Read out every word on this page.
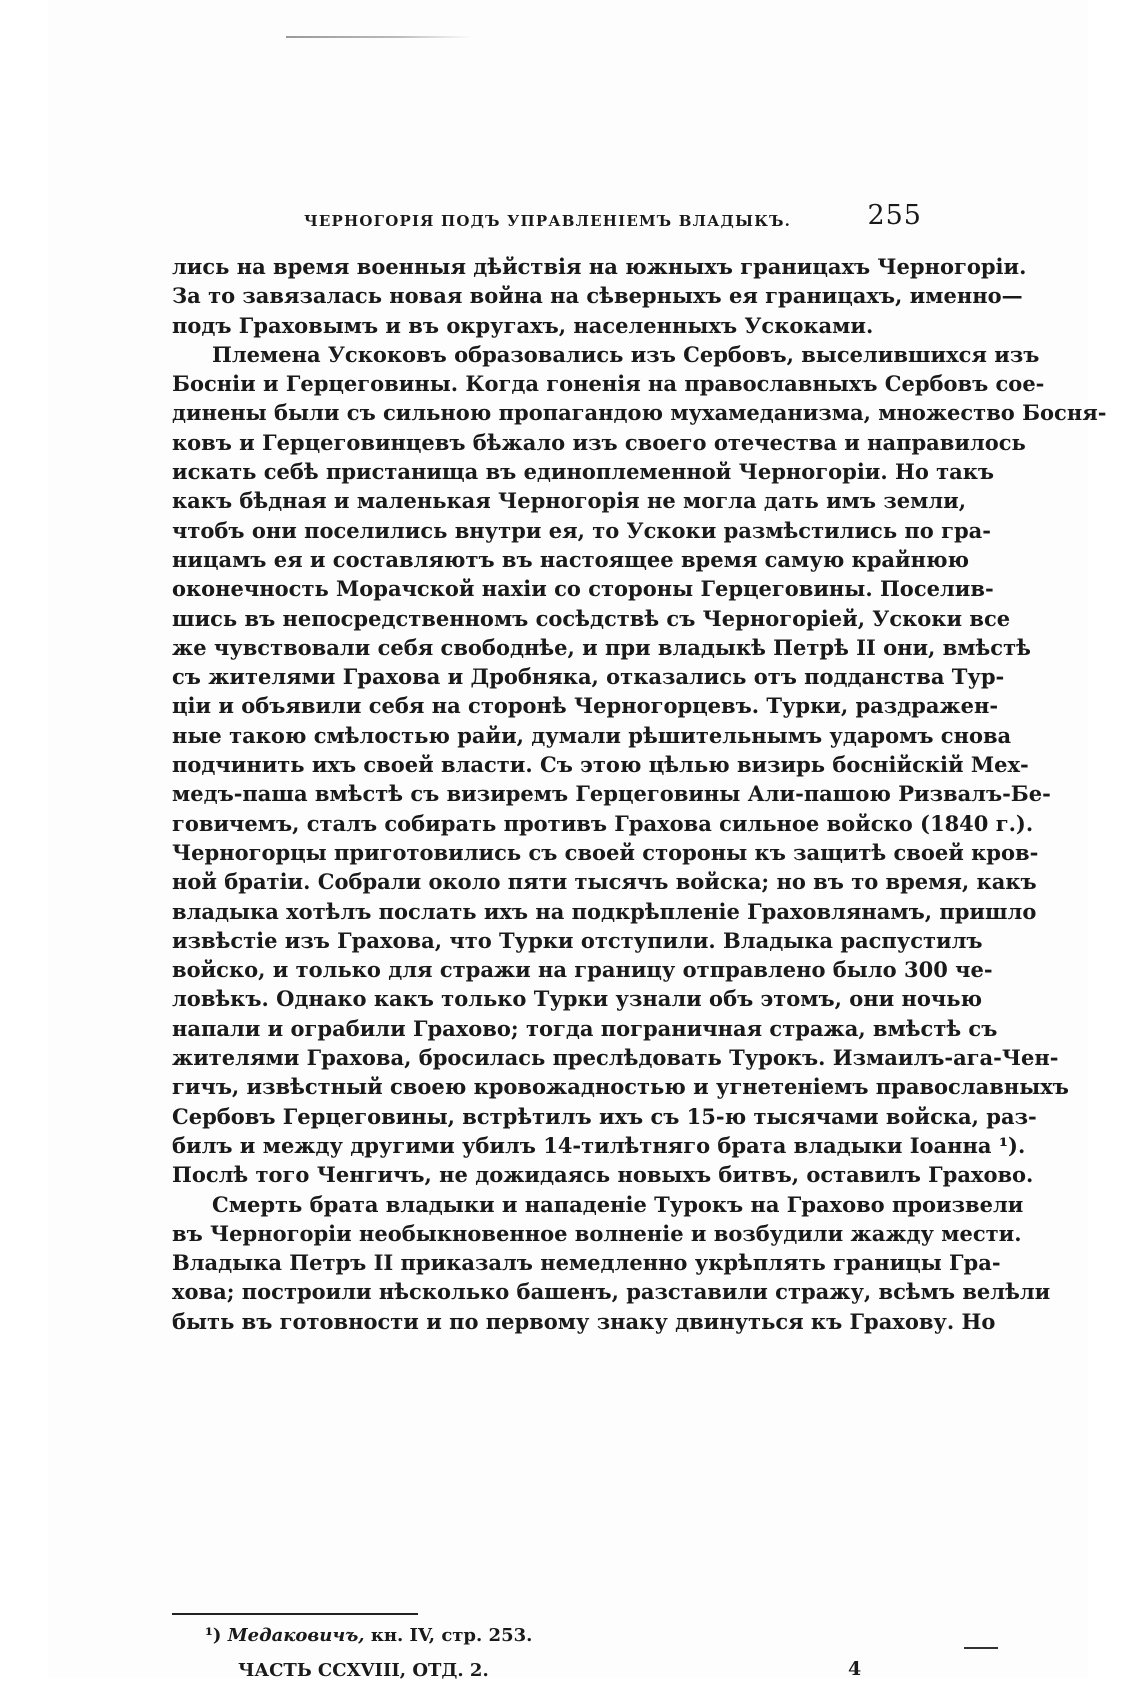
ЧЕРНОГОРІЯ ПОДЪ УПРАВЛЕНІЕМЪ ВЛАДЫКЪ.	255
лись на время военныя дѣйствія на южныхъ границахъ Черногоріи.
За то завязалась новая война на сѣверныхъ ея границахъ, именно—
подъ Граховымъ и въ округахъ, населенныхъ Ускоками.
Племена Ускоковъ образовались изъ Сербовъ, выселившихся изъ
Босніи и Герцеговины. Когда гоненія на православныхъ Сербовъ сое-
динены были съ сильною пропагандою мухамеданизма, множество Босня-
ковъ и Герцеговинцевъ бѣжало изъ своего отечества и направилось
искать себѣ пристанища въ единоплеменной Черногоріи. Но такъ
какъ бѣдная и маленькая Черногорія не могла дать имъ земли,
чтобъ они поселились внутри ея, то Ускоки размѣстились по гра-
ницамъ ея и составляютъ въ настоящее время самую крайнюю
оконечность Морачской нахіи со стороны Герцеговины. Поселив-
шись въ непосредственномъ сосѣдствѣ съ Черногоріей, Ускоки все
же чувствовали себя свободнѣе, и при владыкѣ Петрѣ II они, вмѣстѣ
съ жителями Грахова и Дробняка, отказались отъ подданства Тур-
ціи и объявили себя на сторонѣ Черногорцевъ. Турки, раздражен-
ные такою смѣлостью райи, думали рѣшительнымъ ударомъ снова
подчинить ихъ своей власти. Съ этою цѣлью визирь боснійскій Мех-
медъ-паша вмѣстѣ съ визиремъ Герцеговины Али-пашою Ризвалъ-Бе-
говичемъ, сталъ собирать противъ Грахова сильное войско (1840 г.).
Черногорцы приготовились съ своей стороны къ защитѣ своей кров-
ной братіи. Собрали около пяти тысячъ войска; но въ то время, какъ
владыка хотѣлъ послать ихъ на подкрѣпленіе Граховлянамъ, пришло
извѣстіе изъ Грахова, что Турки отступили. Владыка распустилъ
войско, и только для стражи на границу отправлено было 300 че-
ловѣкъ. Однако какъ только Турки узнали объ этомъ, они ночью
напали и ограбили Грахово; тогда пограничная стража, вмѣстѣ съ
жителями Грахова, бросилась преслѣдовать Турокъ. Измаилъ-ага-Чен-
гичъ, извѣстный своею кровожадностью и угнетеніемъ православныхъ
Сербовъ Герцеговины, встрѣтилъ ихъ съ 15-ю тысячами войска, раз-
билъ и между другими убилъ 14-тилѣтняго брата владыки Іоанна ¹).
Послѣ того Ченгичъ, не дожидаясь новыхъ битвъ, оставилъ Грахово.
Смерть брата владыки и нападеніе Турокъ на Грахово произвели
въ Черногоріи необыкновенное волненіе и возбудили жажду мести.
Владыка Петръ II приказалъ немедленно укрѣплять границы Гра-
хова; построили нѣсколько башенъ, разставили стражу, всѣмъ велѣли
быть въ готовности и по первому знаку двинуться къ Грахову. Но
¹) Медаковичъ, кн. IV, стр. 253.
ЧАСТЬ CCXVIII, ОТД. 2.	4
